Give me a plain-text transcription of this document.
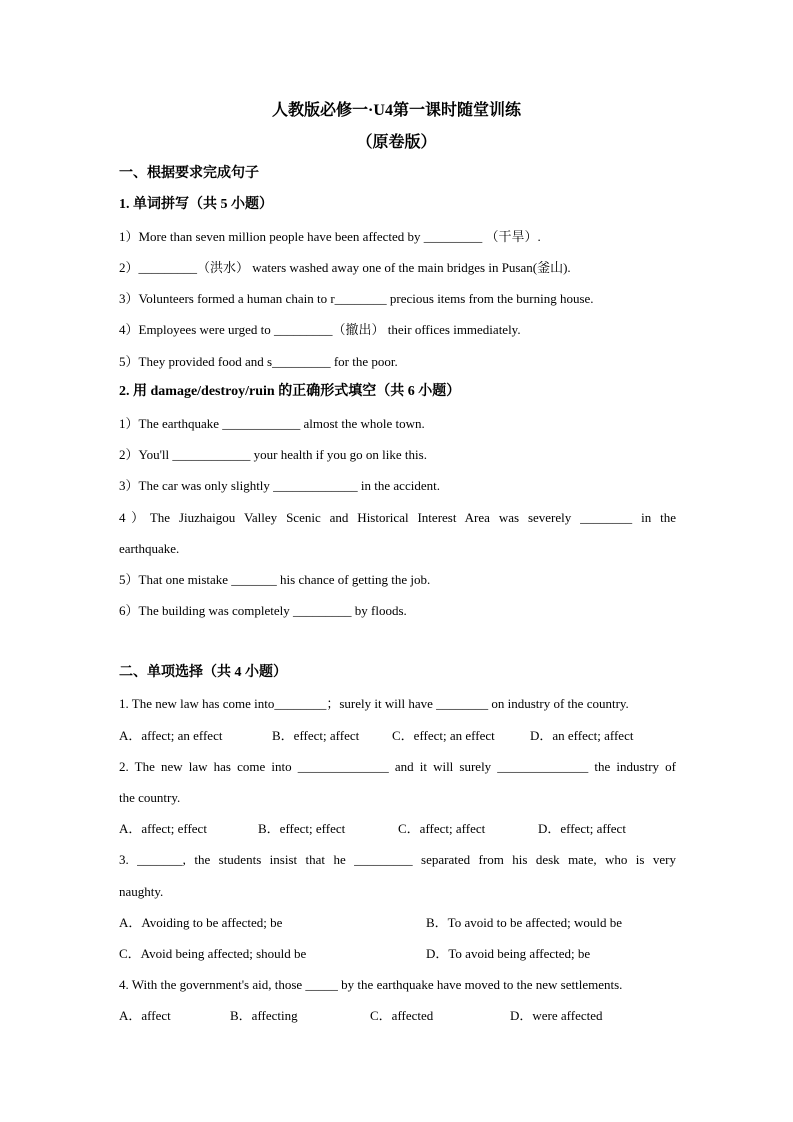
人教版必修一·U4第一课时随堂训练
（原卷版）
一、根据要求完成句子
1. 单词拼写（共 5 小题）
1）More than seven million people have been affected by _________ （干旱）.
2）_________（洪水） waters washed away one of the main bridges in Pusan(釜山).
3）Volunteers formed a human chain to r________ precious items from the burning house.
4）Employees were urged to _________（撤出） their offices immediately.
5）They provided food and s_________ for the poor.
2. 用 damage/destroy/ruin 的正确形式填空（共 6 小题）
1）The earthquake ____________ almost the whole town.
2）You'll ____________ your health if you go on like this.
3）The car was only slightly _____________ in the accident.
4）The Jiuzhaigou Valley Scenic and Historical Interest Area was severely ________ in the
earthquake.
5）That one mistake _______ his chance of getting the job.
6）The building was completely _________ by floods.
二、单项选择（共 4 小题）
1. The new law has come into________；surely it will have ________ on industry of the country.
A．affect; an effect	B．effect; affect	C．effect; an effect	D．an effect; affect
2. The new law has come into ______________ and it will surely ______________ the industry of
the country.
A．affect; effect	B．effect; effect	C．affect; affect	D．effect; affect
3. _______, the students insist that he _________ separated from his desk mate, who is very
naughty.
A．Avoiding to be affected; be	B．To avoid to be affected; would be
C．Avoid being affected; should be	D．To avoid being affected; be
4. With the government's aid, those _____ by the earthquake have moved to the new settlements.
A．affect	B．affecting	C．affected	D．were affected
